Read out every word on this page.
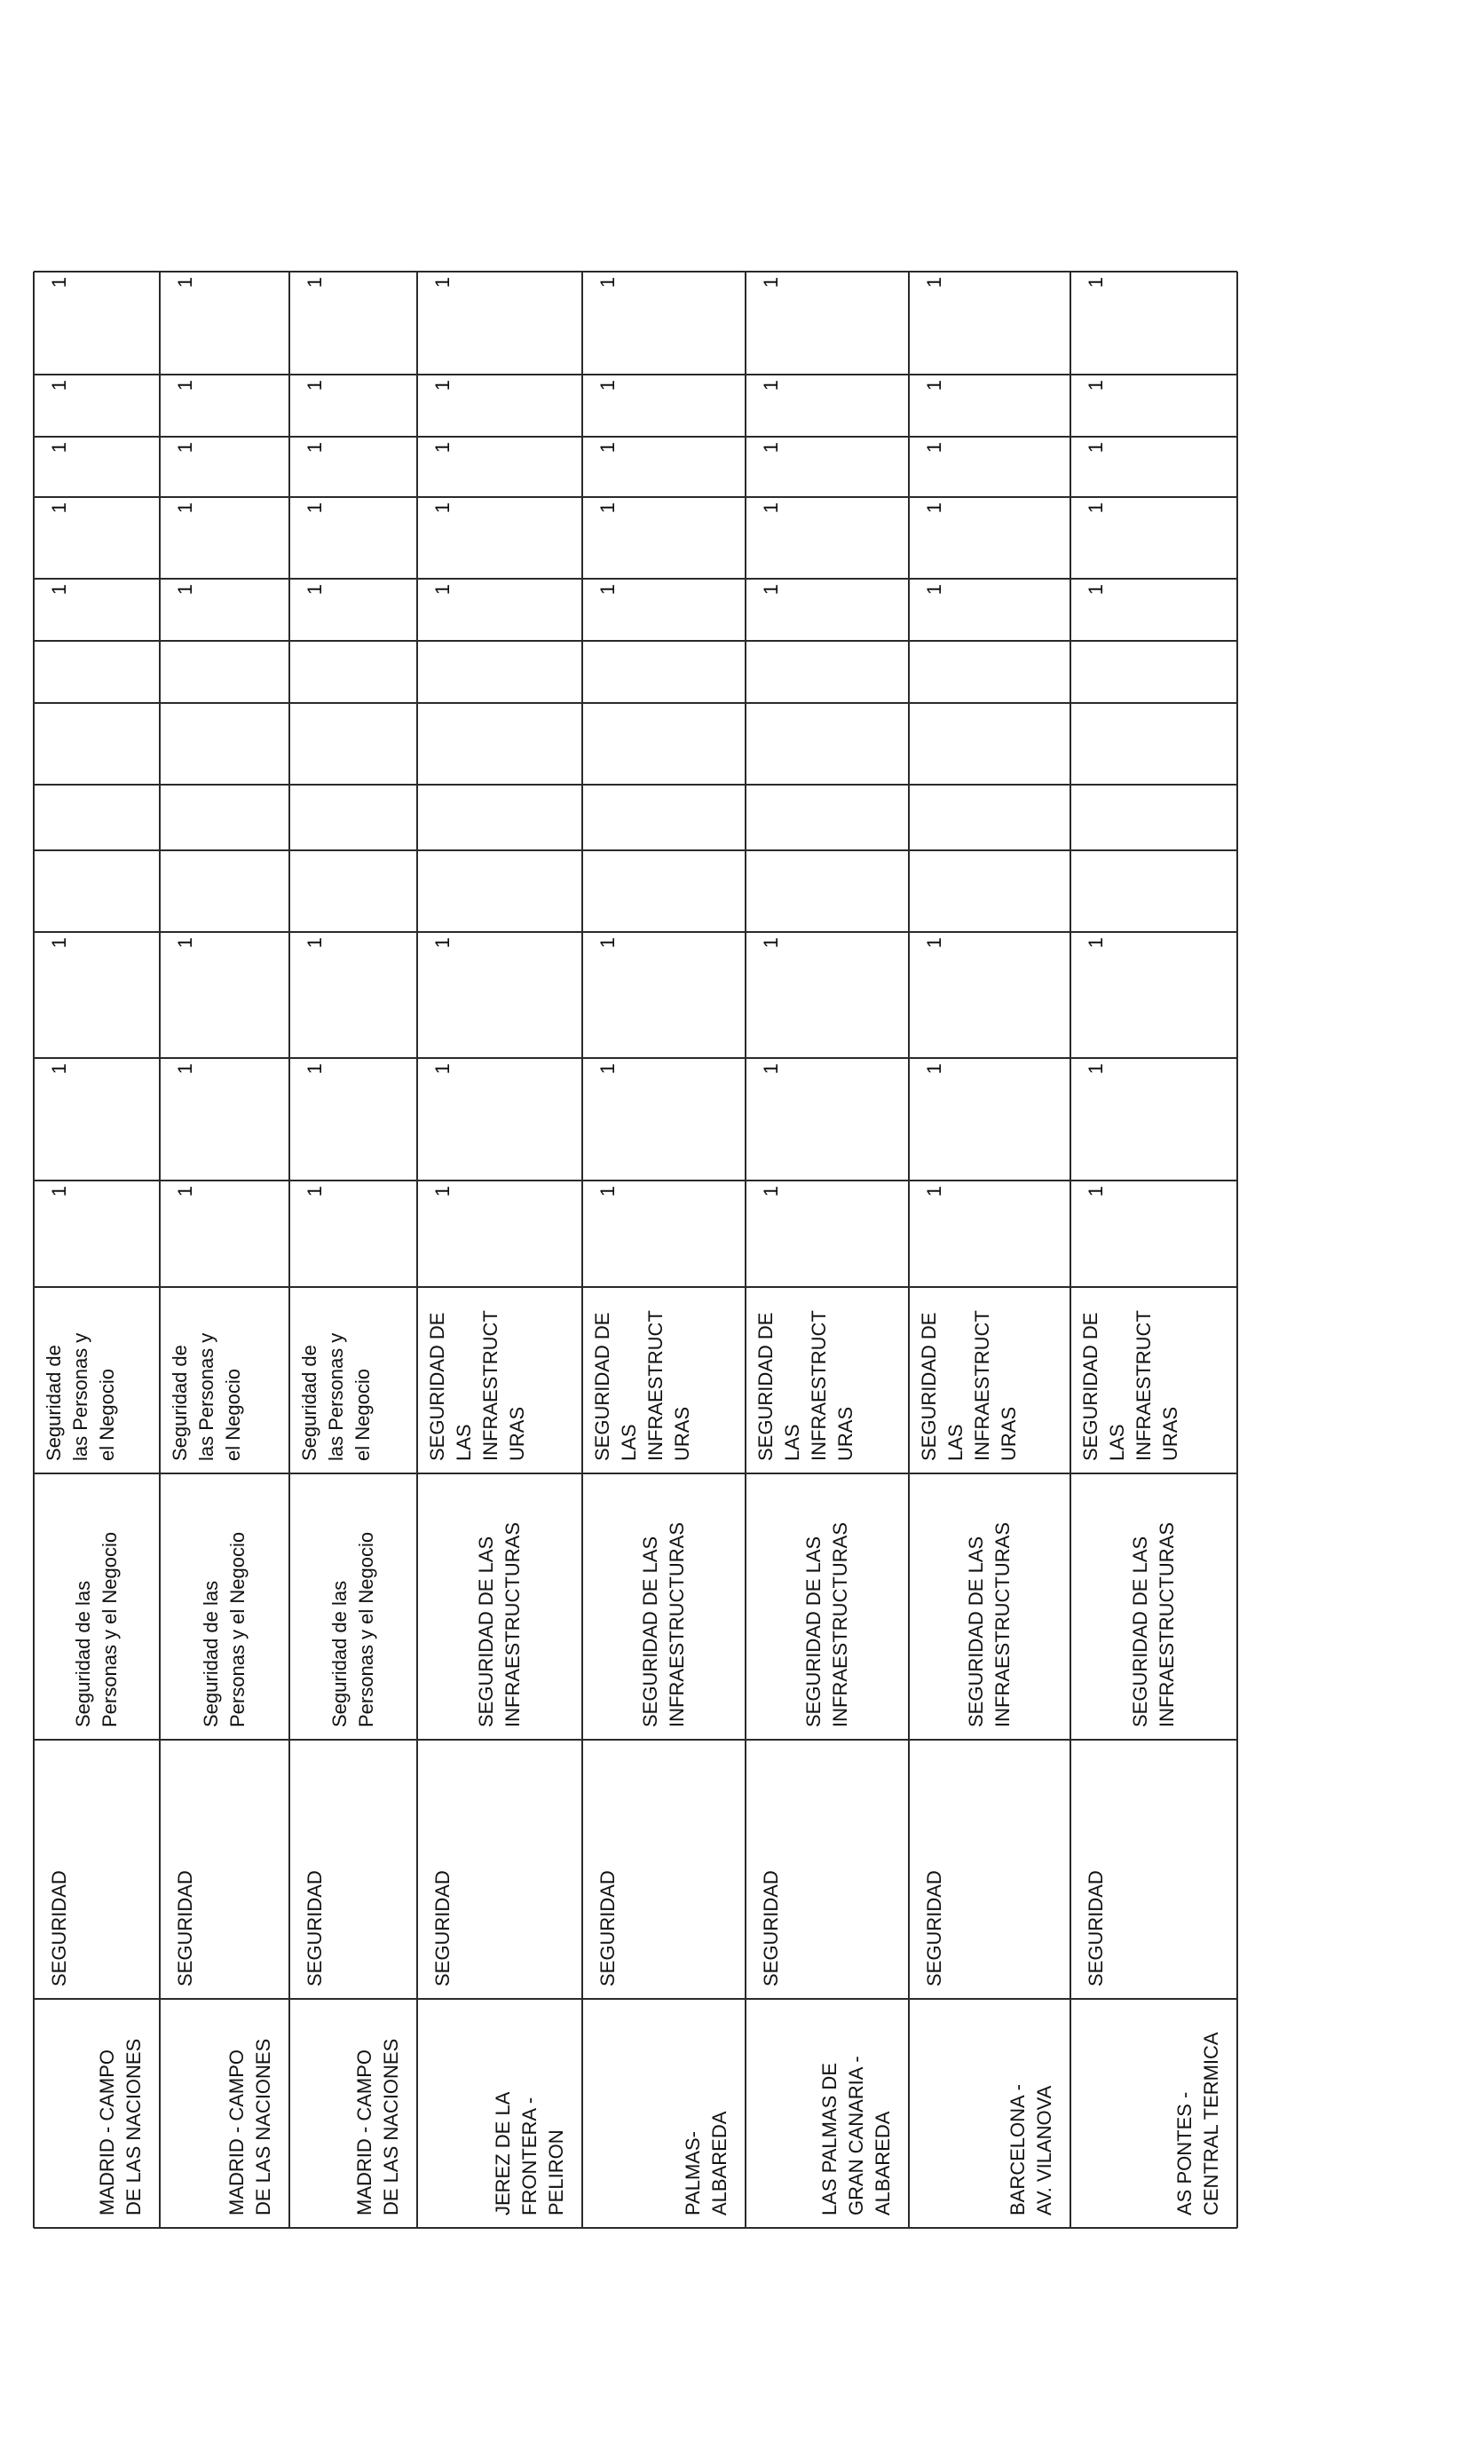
MADRID - CAMPO
DE LAS NACIONES
SEGURIDAD
Seguridad de las
Personas y el Negocio
Seguridad de
las Personas y
el Negocio
1
1
1
1
1
1
1
1
MADRID - CAMPO
DE LAS NACIONES
SEGURIDAD
Seguridad de las
Personas y el Negocio
Seguridad de
las Personas y
el Negocio
1
1
1
1
1
1
1
1
MADRID - CAMPO
DE LAS NACIONES
SEGURIDAD
Seguridad de las
Personas y el Negocio
Seguridad de
las Personas y
el Negocio
1
1
1
1
1
1
1
1
JEREZ DE LA
FRONTERA -
PELIRON
SEGURIDAD
SEGURIDAD DE LAS
INFRAESTRUCTURAS
SEGURIDAD DE
LAS
INFRAESTRUCT
URAS
1
1
1
1
1
1
1
1
PALMAS-
ALBAREDA
SEGURIDAD
SEGURIDAD DE LAS
INFRAESTRUCTURAS
SEGURIDAD DE
LAS
INFRAESTRUCT
URAS
1
1
1
1
1
1
1
1
LAS PALMAS DE
GRAN CANARIA -
ALBAREDA
SEGURIDAD
SEGURIDAD DE LAS
INFRAESTRUCTURAS
SEGURIDAD DE
LAS
INFRAESTRUCT
URAS
1
1
1
1
1
1
1
1
BARCELONA -
AV. VILANOVA
SEGURIDAD
SEGURIDAD DE LAS
INFRAESTRUCTURAS
SEGURIDAD DE
LAS
INFRAESTRUCT
URAS
1
1
1
1
1
1
1
1
AS PONTES -
CENTRAL TERMICA
SEGURIDAD
SEGURIDAD DE LAS
INFRAESTRUCTURAS
SEGURIDAD DE
LAS
INFRAESTRUCT
URAS
1
1
1
1
1
1
1
1
